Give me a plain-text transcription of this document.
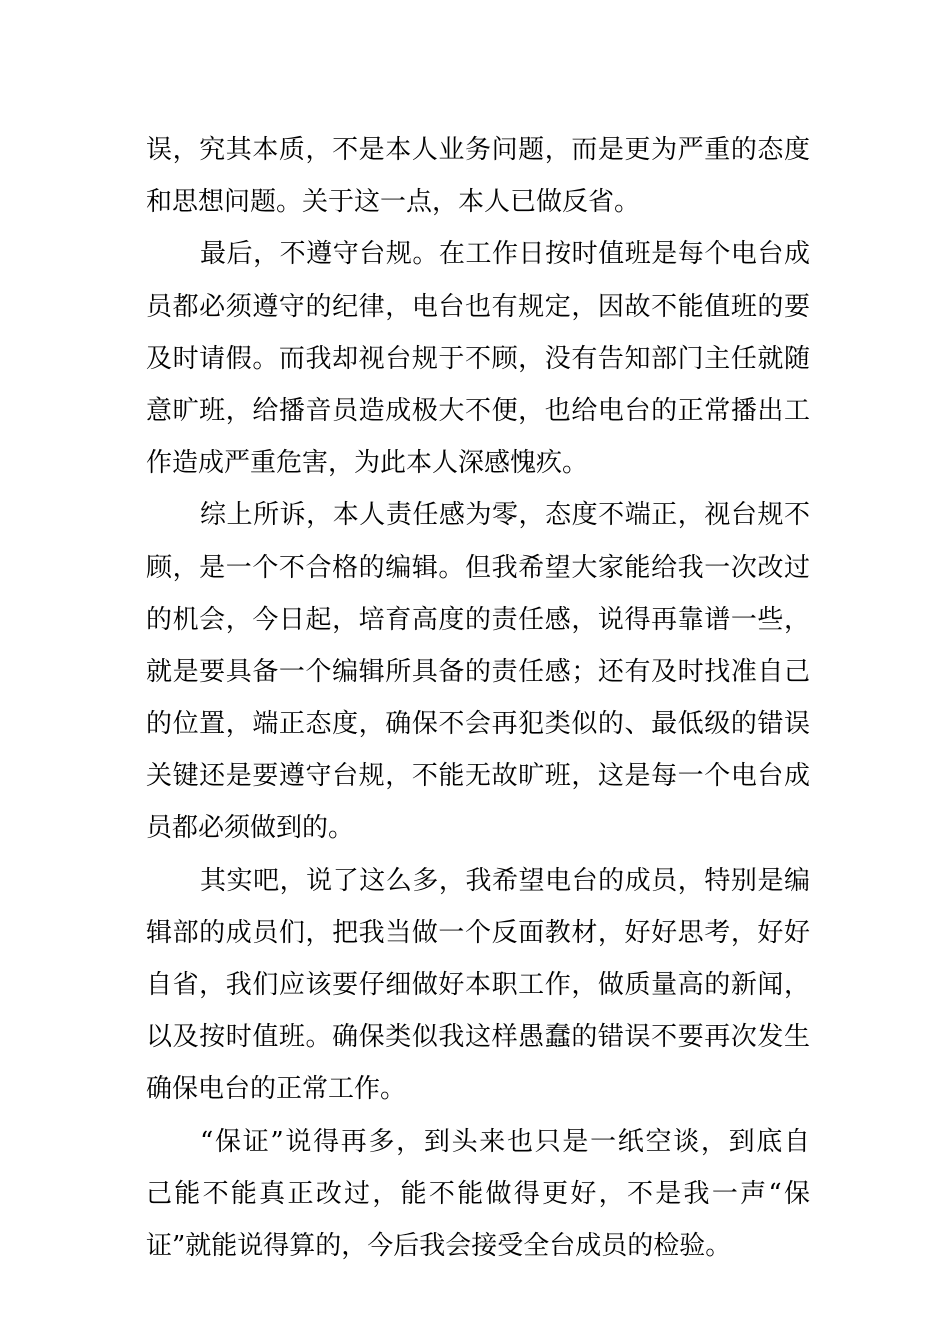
误，究其本质，不是本人业务问题，而是更为严重的态度
和思想问题。关于这一点，本人已做反省。
最后，不遵守台规。在工作日按时值班是每个电台成
员都必须遵守的纪律，电台也有规定，因故不能值班的要
及时请假。而我却视台规于不顾，没有告知部门主任就随
意旷班，给播音员造成极大不便，也给电台的正常播出工
作造成严重危害，为此本人深感愧疚。
综上所诉，本人责任感为零，态度不端正，视台规不
顾，是一个不合格的编辑。但我希望大家能给我一次改过
的机会，今日起，培育高度的责任感，说得再靠谱一些，
就是要具备一个编辑所具备的责任感；还有及时找准自己
的位置，端正态度，确保不会再犯类似的、最低级的错误
关键还是要遵守台规，不能无故旷班，这是每一个电台成
员都必须做到的。
其实吧，说了这么多，我希望电台的成员，特别是编
辑部的成员们，把我当做一个反面教材，好好思考，好好
自省，我们应该要仔细做好本职工作，做质量高的新闻，
以及按时值班。确保类似我这样愚蠢的错误不要再次发生
确保电台的正常工作。
“保证”说得再多，到头来也只是一纸空谈，到底自
己能不能真正改过，能不能做得更好，不是我一声“保
证”就能说得算的，今后我会接受全台成员的检验。
